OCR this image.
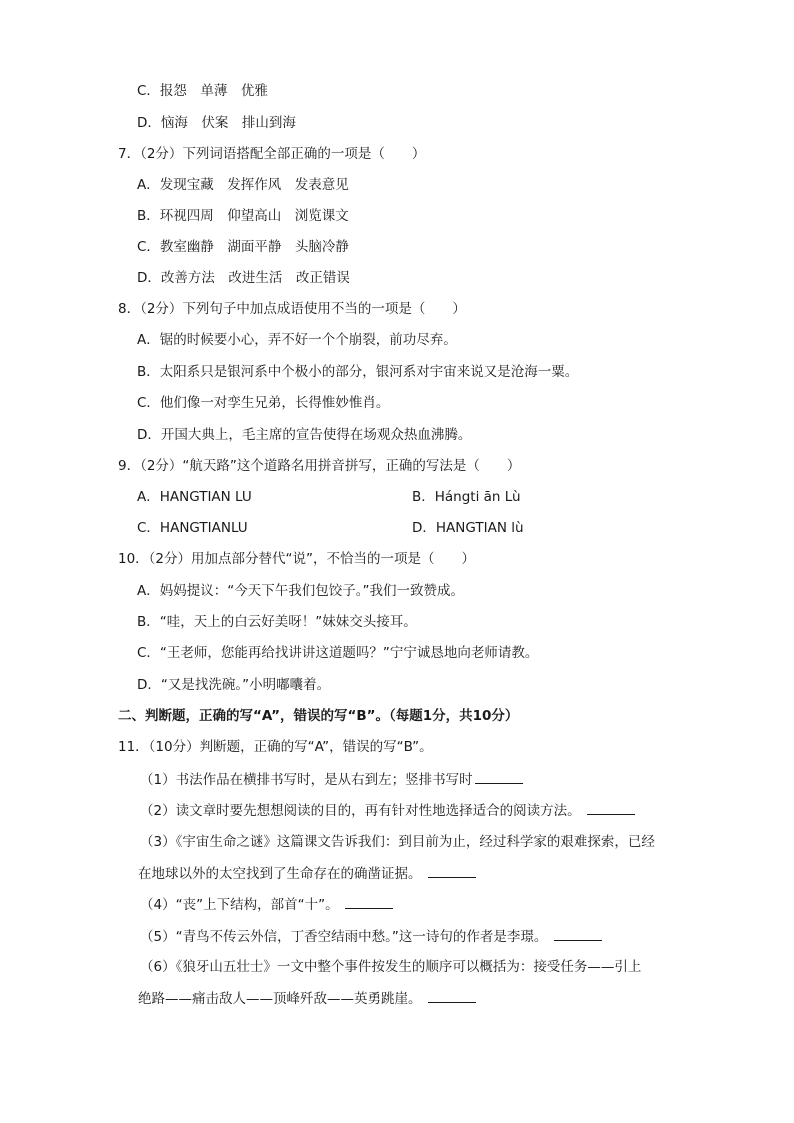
C．报怨　单薄　优雅
D．恼海　伏案　排山到海
7．（2分）下列词语搭配全部正确的一项是（　　）
A．发现宝藏　发挥作风　发表意见
B．环视四周　仰望高山　浏览课文
C．教室幽静　湖面平静　头脑冷静
D．改善方法　改进生活　改正错误
8．（2分）下列句子中加点成语使用不当的一项是（　　）
A．锯的时候要小心，弄不好一个个崩裂，前功尽弃。
B．太阳系只是银河系中个极小的部分，银河系对宇宙来说又是沧海一粟。
C．他们像一对孪生兄弟，长得惟妙惟肖。
D．开国大典上，毛主席的宣告使得在场观众热血沸腾。
9．（2分）“航天路”这个道路名用拼音拼写，正确的写法是（　　）
A．HANGTIAN LU	B．Hángti ān Lù
C．HANGTIANLU	D．HANGTIAN lù
10．（2分）用加点部分替代“说”，不恰当的一项是（　　）
A．妈妈提议：“今天下午我们包饺子。”我们一致赞成。
B．“哇，天上的白云好美呀！”妹妹交头接耳。
C．“王老师，您能再给找讲讲这道题吗？”宁宁诚恳地向老师请教。
D．“又是找洗碗。”小明嘟囔着。
二、判断题，正确的写“A”，错误的写“B”。（每题1分，共10分）
11．（10分）判断题，正确的写“A”，错误的写“B”。
（1）书法作品在横排书写时，是从右到左；竖排书写时
（2）读文章时要先想想阅读的目的，再有针对性地选择适合的阅读方法。
（3）《宇宙生命之谜》这篇课文告诉我们：到目前为止，经过科学家的艰难探索，已经
在地球以外的太空找到了生命存在的确凿证据。
（4）“丧”上下结构，部首“十”。
（5）“青鸟不传云外信，丁香空结雨中愁。”这一诗句的作者是李璟。
（6）《狼牙山五壮士》一文中整个事件按发生的顺序可以概括为：接受任务——引上
绝路——痛击敌人——顶峰歼敌——英勇跳崖。
